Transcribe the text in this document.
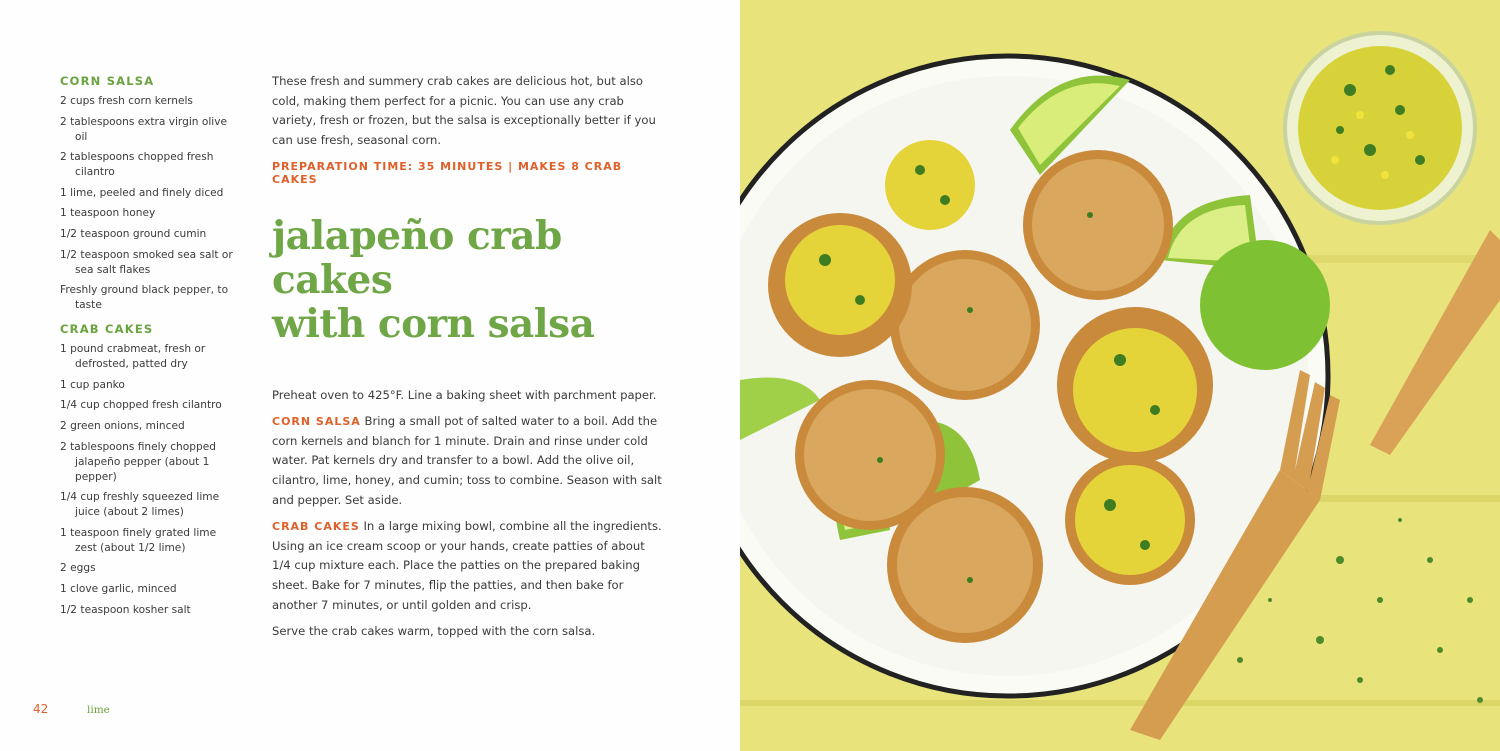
CORN SALSA
2 cups fresh corn kernels
2 tablespoons extra virgin olive oil
2 tablespoons chopped fresh cilantro
1 lime, peeled and finely diced
1 teaspoon honey
1/2 teaspoon ground cumin
1/2 teaspoon smoked sea salt or sea salt flakes
Freshly ground black pepper, to taste
CRAB CAKES
1 pound crabmeat, fresh or defrosted, patted dry
1 cup panko
1/4 cup chopped fresh cilantro
2 green onions, minced
2 tablespoons finely chopped jalapeño pepper (about 1 pepper)
1/4 cup freshly squeezed lime juice (about 2 limes)
1 teaspoon finely grated lime zest (about 1/2 lime)
2 eggs
1 clove garlic, minced
1/2 teaspoon kosher salt

These fresh and summery crab cakes are delicious hot, but also cold, making them perfect for a picnic. You can use any crab variety, fresh or frozen, but the salsa is exceptionally better if you can use fresh, seasonal corn.

PREPARATION TIME: 35 MINUTES | MAKES 8 CRAB CAKES

jalapeño crab cakes
with corn salsa

Preheat oven to 425°F. Line a baking sheet with parchment paper.

CORN SALSA Bring a small pot of salted water to a boil. Add the corn kernels and blanch for 1 minute. Drain and rinse under cold water. Pat kernels dry and transfer to a bowl. Add the olive oil, cilantro, lime, honey, and cumin; toss to combine. Season with salt and pepper. Set aside.

CRAB CAKES In a large mixing bowl, combine all the ingredients. Using an ice cream scoop or your hands, create patties of about 1/4 cup mixture each. Place the patties on the prepared baking sheet. Bake for 7 minutes, flip the patties, and then bake for another 7 minutes, or until golden and crisp.

Serve the crab cakes warm, topped with the corn salsa.

42	lime
